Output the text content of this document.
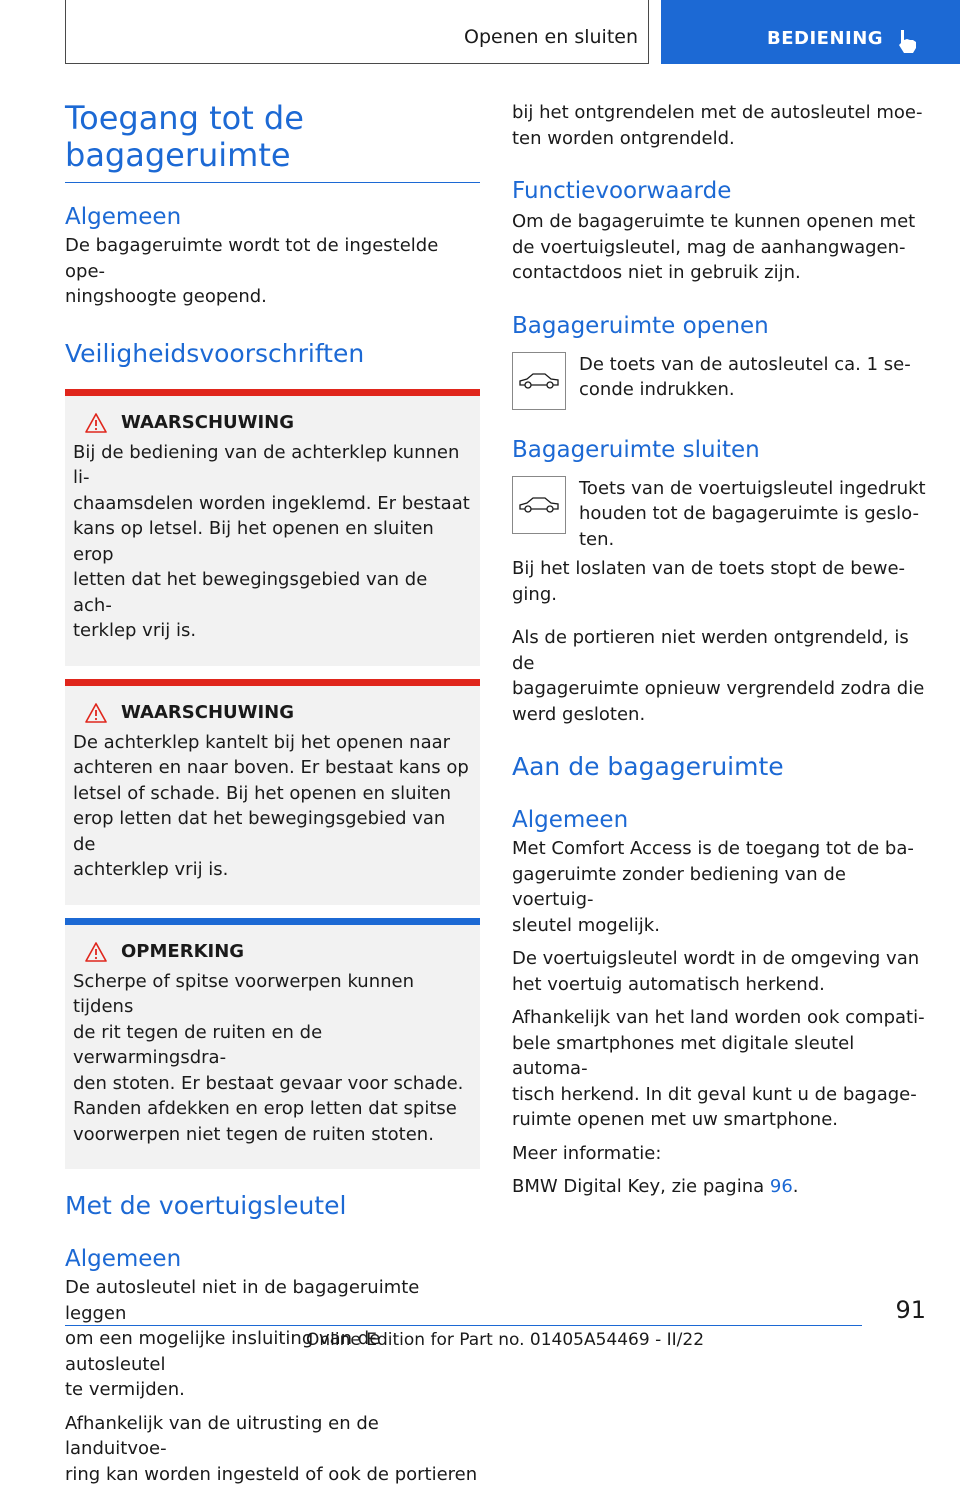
Openen en sluiten	BEDIENING
Toegang tot de
bagageruimte
Algemeen

De bagageruimte wordt tot de ingestelde ope-
ningshoogte geopend.

Veiligheidsvoorschriften
WAARSCHUWING

Bij de bediening van de achterklep kunnen li-
chaamsdelen worden ingeklemd. Er bestaat
kans op letsel. Bij het openen en sluiten erop
letten dat het bewegingsgebied van de ach-
terklep vrij is.

WAARSCHUWING

De achterklep kantelt bij het openen naar
achteren en naar boven. Er bestaat kans op
letsel of schade. Bij het openen en sluiten
erop letten dat het bewegingsgebied van de
achterklep vrij is.

OPMERKING

Scherpe of spitse voorwerpen kunnen tijdens
de rit tegen de ruiten en de verwarmingsdra-
den stoten. Er bestaat gevaar voor schade.
Randen afdekken en erop letten dat spitse
voorwerpen niet tegen de ruiten stoten.

Met de voertuigsleutel
Algemeen

De autosleutel niet in de bagageruimte leggen
om een mogelijke insluiting van de autosleutel
te vermijden.

Afhankelijk van de uitrusting en de landuitvoe-
ring kan worden ingesteld of ook de portieren

bij het ontgrendelen met de autosleutel moe-
ten worden ontgrendeld.

Functievoorwaarde

Om de bagageruimte te kunnen openen met
de voertuigsleutel, mag de aanhangwagen-
contactdoos niet in gebruik zijn.

Bagageruimte openen

De toets van de autosleutel ca. 1 se-
conde indrukken.

Bagageruimte sluiten

Toets van de voertuigsleutel ingedrukt
houden tot de bagageruimte is geslo-
ten.

Bij het loslaten van de toets stopt de bewe-
ging.

Als de portieren niet werden ontgrendeld, is de
bagageruimte opnieuw vergrendeld zodra die
werd gesloten.

Aan de bagageruimte
Algemeen

Met Comfort Access is de toegang tot de ba-
gageruimte zonder bediening van de voertuig-
sleutel mogelijk.

De voertuigsleutel wordt in de omgeving van
het voertuig automatisch herkend.

Afhankelijk van het land worden ook compati-
bele smartphones met digitale sleutel automa-
tisch herkend. In dit geval kunt u de bagage-
ruimte openen met uw smartphone.

Meer informatie:

BMW Digital Key, zie pagina 96.

91
Online Edition for Part no. 01405A54469 - II/22
